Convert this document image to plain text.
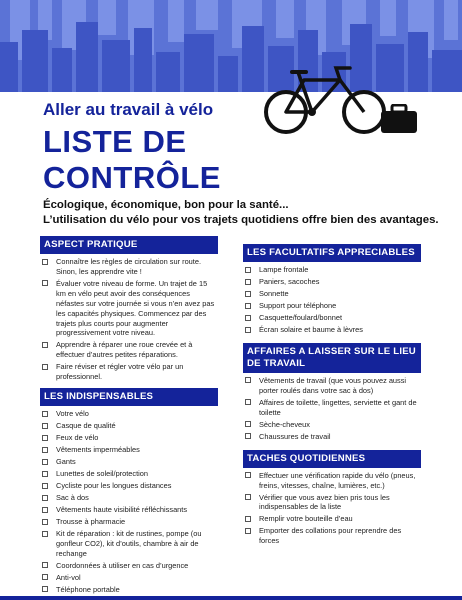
Aller au travail à vélo
LISTE DE
CONTRÔLE
Écologique, économique, bon pour la santé...
L’utilisation du vélo pour vos trajets quotidiens offre bien des avantages.
ASPECT PRATIQUE
Connaître les règles de circulation sur route. Sinon, les apprendre vite !
Évaluer votre niveau de forme. Un trajet de 15 km en vélo peut avoir des conséquences néfastes sur votre journée si vous n’en avez pas les capacités physiques. Commencez par des trajets plus courts pour augmenter progressivement votre niveau.
Apprendre à réparer une roue crevée et à effectuer d’autres petites réparations.
Faire réviser et régler votre vélo par un professionnel.
LES INDISPENSABLES
Votre vélo
Casque de qualité
Feux de vélo
Vêtements imperméables
Gants
Lunettes de soleil/protection
Cycliste pour les longues distances
Sac à dos
Vêtements haute visibilité réfléchissants
Trousse à pharmacie
Kit de réparation : kit de rustines, pompe (ou gonfleur CO2), kit d’outils, chambre à air de rechange
Coordonnées à utiliser en cas d’urgence
Anti-vol
Téléphone portable
LES FACULTATIFS APPRECIABLES
Lampe frontale
Paniers, sacoches
Sonnette
Support pour téléphone
Casquette/foulard/bonnet
Écran solaire et baume à lèvres
AFFAIRES A LAISSER SUR LE LIEU DE TRAVAIL
Vêtements de travail (que vous pouvez aussi porter roulés dans votre sac à dos)
Affaires de toilette, lingettes, serviette et gant de toilette
Sèche-cheveux
Chaussures de travail
TACHES QUOTIDIENNES
Effectuer une vérification rapide du vélo (pneus, freins, vitesses, chaîne, lumières, etc.)
Vérifier que vous avez bien pris tous les indispensables de la liste
Remplir votre bouteille d’eau
Emporter des collations pour reprendre des forces
